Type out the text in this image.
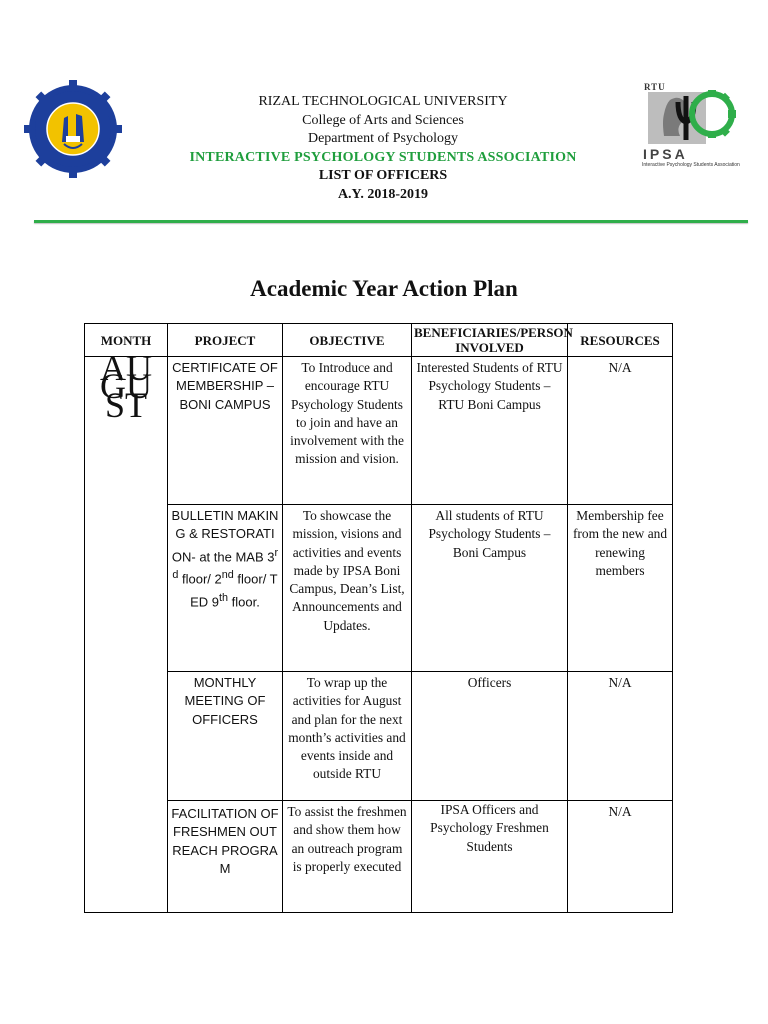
RTU
IPSA
Interactive Psychology Students Association
RIZAL TECHNOLOGICAL UNIVERSITY
College of Arts and Sciences
Department of Psychology
INTERACTIVE PSYCHOLOGY STUDENTS ASSOCIATION
LIST OF OFFICERS
A.Y. 2018-2019
Academic Year Action Plan
MONTH	PROJECT	OBJECTIVE	BENEFICIARIES/PERSON INVOLVED	RESOURCES

AUGUST	CERTIFICATE OF MEMBERSHIP – BONI CAMPUS	To Introduce and encourage RTU Psychology Students to join and have an involvement with the mission and vision.	Interested Students of RTU Psychology Students – RTU Boni Campus	N/A
	BULLETIN MAKING & RESTORATION- at the MAB 3rd floor/ 2nd floor/ TED 9th floor.	To showcase the mission, visions and activities and events made by IPSA Boni Campus, Dean’s List, Announcements and Updates.	All students of RTU Psychology Students – Boni Campus	Membership fee from the new and renewing members
	MONTHLY MEETING OF OFFICERS	To wrap up the activities for August and plan for the next month’s activities and events inside and outside RTU	Officers	N/A
	FACILITATION OF FRESHMEN OUTREACH PROGRAM	To assist the freshmen and show them how an outreach program is properly executed	IPSA Officers and Psychology Freshmen Students	N/A
